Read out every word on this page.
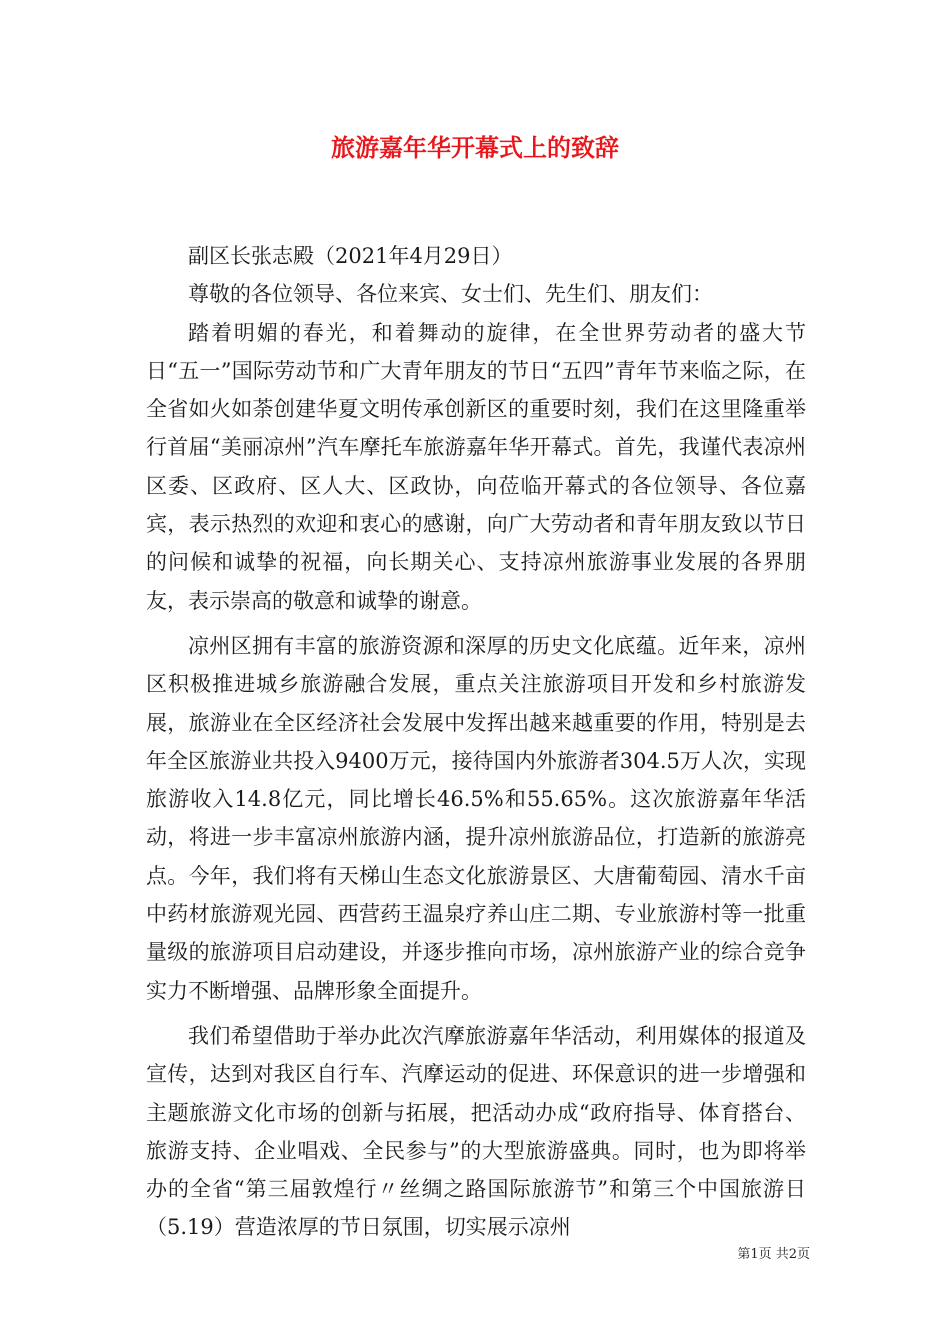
旅游嘉年华开幕式上的致辞

副区长张志殿（2021年4月29日）

尊敬的各位领导、各位来宾、女士们、先生们、朋友们：

踏着明媚的春光，和着舞动的旋律，在全世界劳动者的盛大节日“五一”国际劳动节和广大青年朋友的节日“五四”青年节来临之际，在全省如火如荼创建华夏文明传承创新区的重要时刻，我们在这里隆重举行首届“美丽凉州”汽车摩托车旅游嘉年华开幕式。首先，我谨代表凉州区委、区政府、区人大、区政协，向莅临开幕式的各位领导、各位嘉宾，表示热烈的欢迎和衷心的感谢，向广大劳动者和青年朋友致以节日的问候和诚挚的祝福，向长期关心、支持凉州旅游事业发展的各界朋友，表示崇高的敬意和诚挚的谢意。

凉州区拥有丰富的旅游资源和深厚的历史文化底蕴。近年来，凉州区积极推进城乡旅游融合发展，重点关注旅游项目开发和乡村旅游发展，旅游业在全区经济社会发展中发挥出越来越重要的作用，特别是去年全区旅游业共投入9400万元，接待国内外旅游者304.5万人次，实现旅游收入14.8亿元，同比增长46.5%和55.65%。这次旅游嘉年华活动，将进一步丰富凉州旅游内涵，提升凉州旅游品位，打造新的旅游亮点。今年，我们将有天梯山生态文化旅游景区、大唐葡萄园、清水千亩中药材旅游观光园、西营药王温泉疗养山庄二期、专业旅游村等一批重量级的旅游项目启动建设，并逐步推向市场，凉州旅游产业的综合竞争实力不断增强、品牌形象全面提升。

我们希望借助于举办此次汽摩旅游嘉年华活动，利用媒体的报道及宣传，达到对我区自行车、汽摩运动的促进、环保意识的进一步增强和主题旅游文化市场的创新与拓展，把活动办成“政府指导、体育搭台、旅游支持、企业唱戏、全民参与”的大型旅游盛典。同时，也为即将举办的全省“第三届敦煌行〃丝绸之路国际旅游节”和第三个中国旅游日（5.19）营造浓厚的节日氛围，切实展示凉州

第1页 共2页
